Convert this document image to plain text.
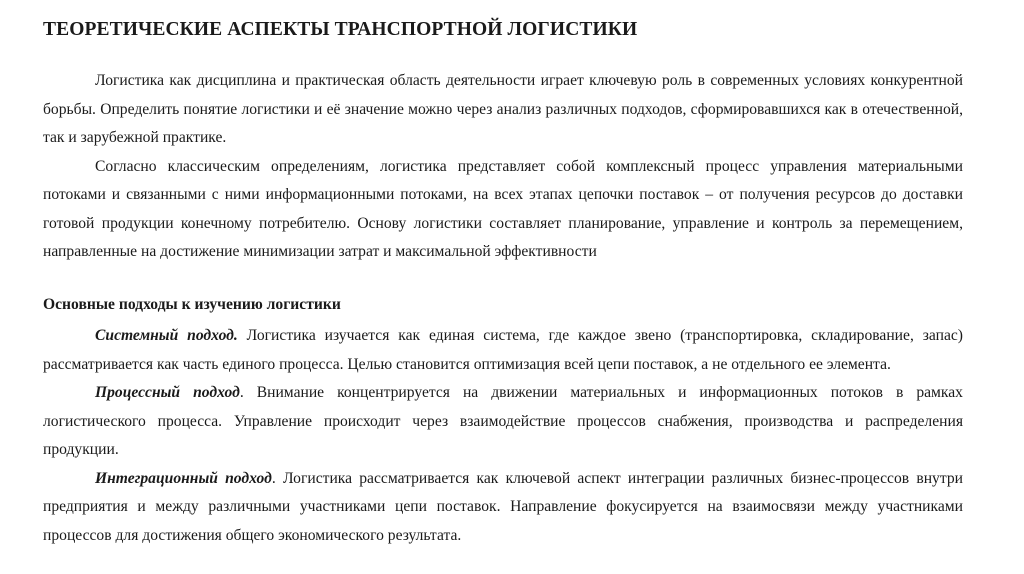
ТЕОРЕТИЧЕСКИЕ АСПЕКТЫ ТРАНСПОРТНОЙ ЛОГИСТИКИ

Логистика как дисциплина и практическая область деятельности играет ключевую роль в современных условиях конкурентной борьбы. Определить понятие логистики и её значение можно через анализ различных подходов, сформировавшихся как в отечественной, так и зарубежной практике.

Согласно классическим определениям, логистика представляет собой комплексный процесс управления материальными потоками и связанными с ними информационными потоками, на всех этапах цепочки поставок – от получения ресурсов до доставки готовой продукции конечному потребителю. Основу логистики составляет планирование, управление и контроль за перемещением, направленные на достижение минимизации затрат и максимальной эффективности

Основные подходы к изучению логистики

Системный подход. Логистика изучается как единая система, где каждое звено (транспортировка, складирование, запас) рассматривается как часть единого процесса. Целью становится оптимизация всей цепи поставок, а не отдельного ее элемента.

Процессный подход. Внимание концентрируется на движении материальных и информационных потоков в рамках логистического процесса. Управление происходит через взаимодействие процессов снабжения, производства и распределения продукции.

Интеграционный подход. Логистика рассматривается как ключевой аспект интеграции различных бизнес-процессов внутри предприятия и между различными участниками цепи поставок. Направление фокусируется на взаимосвязи между участниками процессов для достижения общего экономического результата.
